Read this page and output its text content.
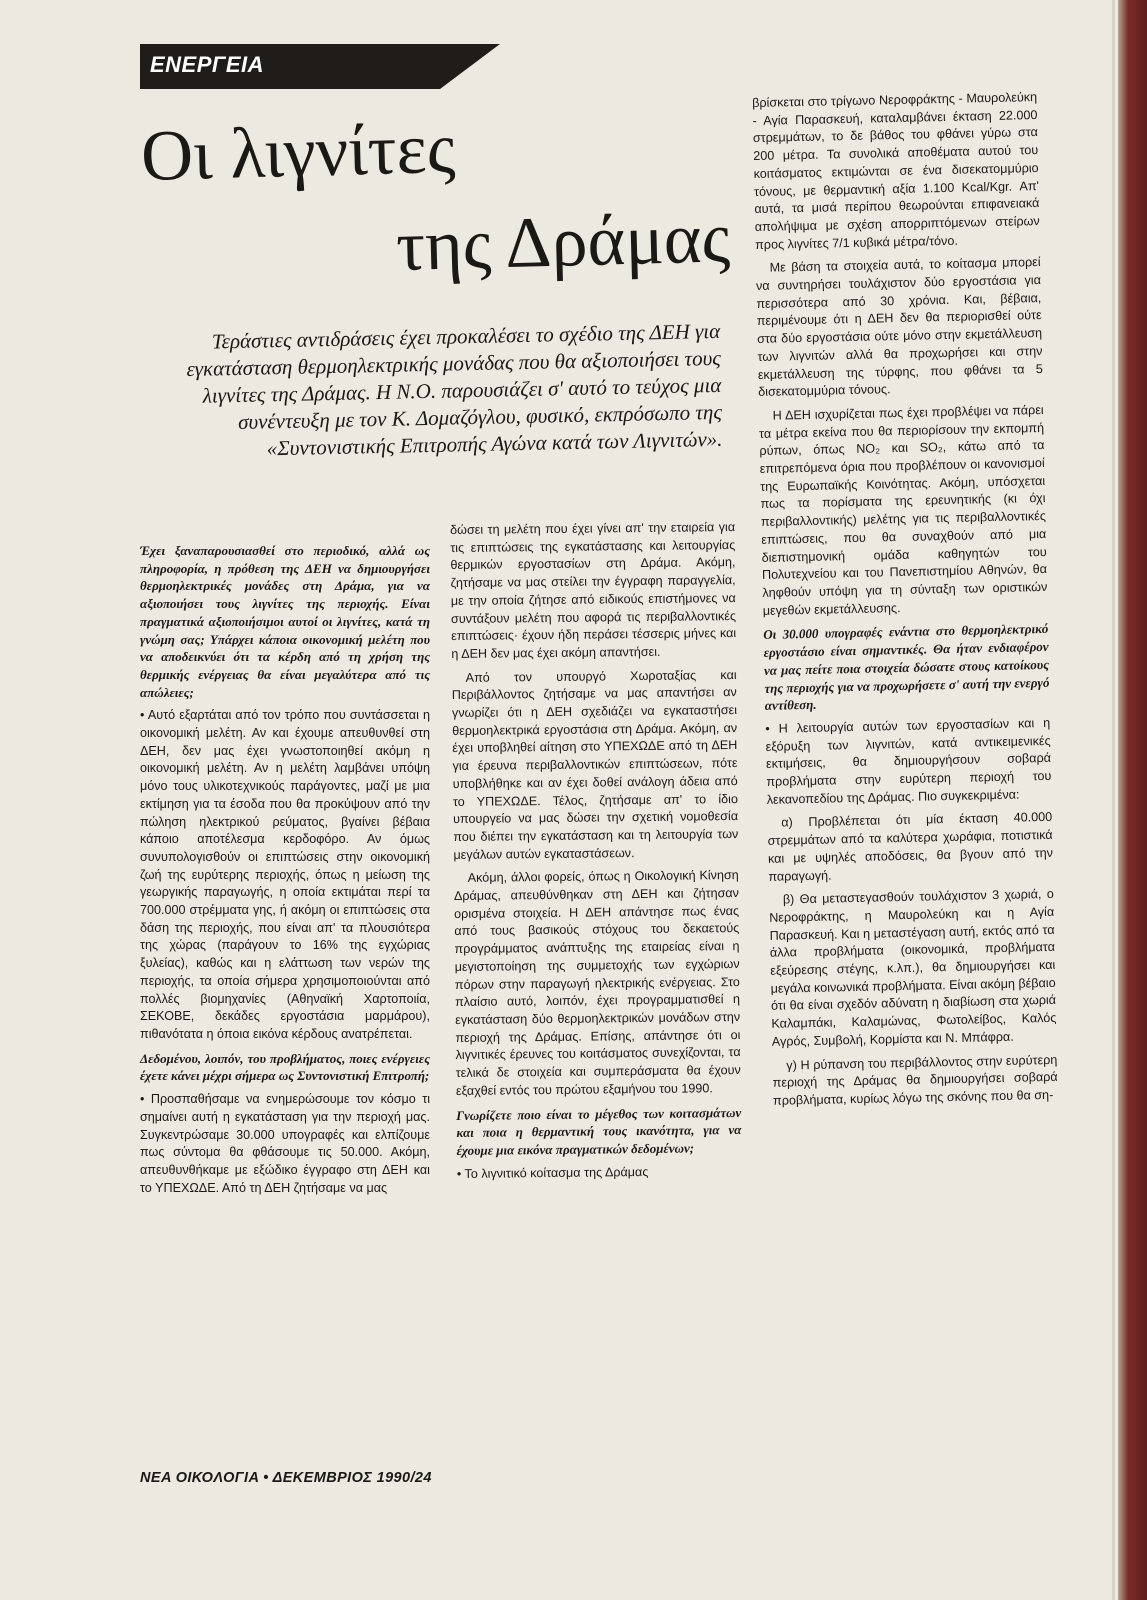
ΕΝΕΡΓΕΙΑ
Οι λιγνίτες
της Δράμας
Τεράστιες αντιδράσεις έχει προκαλέσει το σχέδιο της ΔΕΗ για εγκατάσταση θερμοηλεκτρικής μονάδας που θα αξιοποιήσει τους λιγνίτες της Δράμας. Η Ν.Ο. παρουσιάζει σ' αυτό το τεύχος μια συνέντευξη με τον Κ. Δομαζόγλου, φυσικό, εκπρόσωπο της «Συντονιστικής Επιτροπής Αγώνα κατά των Λιγνιτών».

Έχει ξαναπαρουσιασθεί στο περιοδικό, αλλά ως πληροφορία, η πρόθεση της ΔΕΗ να δημιουργήσει θερμοηλεκτρικές μονάδες στη Δράμα, για να αξιοποιήσει τους λιγνίτες της περιοχής. Είναι πραγματικά αξιοποιήσιμοι αυτοί οι λιγνίτες, κατά τη γνώμη σας; Υπάρχει κάποια οικονομική μελέτη που να αποδεικνύει ότι τα κέρδη από τη χρήση της θερμικής ενέργειας θα είναι μεγαλύτερα από τις απώλειες;

• Αυτό εξαρτάται από τον τρόπο που συντάσσεται η οικονομική μελέτη. Αν και έχουμε απευθυνθεί στη ΔΕΗ, δεν μας έχει γνωστοποιηθεί ακόμη η οικονομική μελέτη. Αν η μελέτη λαμβάνει υπόψη μόνο τους υλικοτεχνικούς παράγοντες, μαζί με μια εκτίμηση για τα έσοδα που θα προκύψουν από την πώληση ηλεκτρικού ρεύματος, βγαίνει βέβαια κάποιο αποτέλεσμα κερδοφόρο. Αν όμως συνυπολογισθούν οι επιπτώσεις στην οικονομική ζωή της ευρύτερης περιοχής, όπως η μείωση της γεωργικής παραγωγής, η οποία εκτιμάται περί τα 700.000 στρέμματα γης, ή ακόμη οι επιπτώσεις στα δάση της περιοχής, που είναι απ' τα πλουσιότερα της χώρας (παράγουν το 16% της εγχώριας ξυλείας), καθώς και η ελάττωση των νερών της περιοχής, τα οποία σήμερα χρησιμοποιούνται από πολλές βιομηχανίες (Αθηναϊκή Χαρτοποιία, ΣΕΚΟΒΕ, δεκάδες εργοστάσια μαρμάρου), πιθανότατα η όποια εικόνα κέρδους ανατρέπεται.

Δεδομένου, λοιπόν, του προβλήματος, ποιες ενέργειες έχετε κάνει μέχρι σήμερα ως Συντονιστική Επιτροπή;

• Προσπαθήσαμε να ενημερώσουμε τον κόσμο τι σημαίνει αυτή η εγκατάσταση για την περιοχή μας. Συγκεντρώσαμε 30.000 υπογραφές και ελπίζουμε πως σύντομα θα φθάσουμε τις 50.000. Ακόμη, απευθυνθήκαμε με εξώδικο έγγραφο στη ΔΕΗ και το ΥΠΕΧΩΔΕ. Από τη ΔΕΗ ζητήσαμε να μας

δώσει τη μελέτη που έχει γίνει απ' την εταιρεία για τις επιπτώσεις της εγκατάστασης και λειτουργίας θερμικών εργοστασίων στη Δράμα. Ακόμη, ζητήσαμε να μας στείλει την έγγραφη παραγγελία, με την οποία ζήτησε από ειδικούς επιστήμονες να συντάξουν μελέτη που αφορά τις περιβαλλοντικές επιπτώσεις· έχουν ήδη περάσει τέσσερις μήνες και η ΔΕΗ δεν μας έχει ακόμη απαντήσει.

Από τον υπουργό Χωροταξίας και Περιβάλλοντος ζητήσαμε να μας απαντήσει αν γνωρίζει ότι η ΔΕΗ σχεδιάζει να εγκαταστήσει θερμοηλεκτρικά εργοστάσια στη Δράμα. Ακόμη, αν έχει υποβληθεί αίτηση στο ΥΠΕΧΩΔΕ από τη ΔΕΗ για έρευνα περιβαλλοντικών επιπτώσεων, πότε υποβλήθηκε και αν έχει δοθεί ανάλογη άδεια από το ΥΠΕΧΩΔΕ. Τέλος, ζητήσαμε απ' το ίδιο υπουργείο να μας δώσει την σχετική νομοθεσία που διέπει την εγκατάσταση και τη λειτουργία των μεγάλων αυτών εγκαταστάσεων.

Ακόμη, άλλοι φορείς, όπως η Οικολογική Κίνηση Δράμας, απευθύνθηκαν στη ΔΕΗ και ζήτησαν ορισμένα στοιχεία. Η ΔΕΗ απάντησε πως ένας από τους βασικούς στόχους του δεκαετούς προγράμματος ανάπτυξης της εταιρείας είναι η μεγιστοποίηση της συμμετοχής των εγχώριων πόρων στην παραγωγή ηλεκτρικής ενέργειας. Στο πλαίσιο αυτό, λοιπόν, έχει προγραμματισθεί η εγκατάσταση δύο θερμοηλεκτρικών μονάδων στην περιοχή της Δράμας. Επίσης, απάντησε ότι οι λιγνιτικές έρευνες του κοιτάσματος συνεχίζονται, τα τελικά δε στοιχεία και συμπεράσματα θα έχουν εξαχθεί εντός του πρώτου εξαμήνου του 1990.

Γνωρίζετε ποιο είναι το μέγεθος των κοιτασμάτων και ποια η θερμαντική τους ικανότητα, για να έχουμε μια εικόνα πραγματικών δεδομένων;

• Το λιγνιτικό κοίτασμα της Δράμας

βρίσκεται στο τρίγωνο Νεροφράκτης - Μαυρολεύκη - Αγία Παρασκευή, καταλαμβάνει έκταση 22.000 στρεμμάτων, το δε βάθος του φθάνει γύρω στα 200 μέτρα. Τα συνολικά αποθέματα αυτού του κοιτάσματος εκτιμώνται σε ένα δισεκατομμύριο τόνους, με θερμαντική αξία 1.100 Kcal/Kgr. Απ' αυτά, τα μισά περίπου θεωρούνται επιφανειακά απολήψιμα με σχέση απορριπτόμενων στείρων προς λιγνίτες 7/1 κυβικά μέτρα/τόνο.

Με βάση τα στοιχεία αυτά, το κοίτασμα μπορεί να συντηρήσει τουλάχιστον δύο εργοστάσια για περισσότερα από 30 χρόνια. Και, βέβαια, περιμένουμε ότι η ΔΕΗ δεν θα περιορισθεί ούτε στα δύο εργοστάσια ούτε μόνο στην εκμετάλλευση των λιγνιτών αλλά θα προχωρήσει και στην εκμετάλλευση της τύρφης, που φθάνει τα 5 δισεκατομμύρια τόνους.

Η ΔΕΗ ισχυρίζεται πως έχει προβλέψει να πάρει τα μέτρα εκείνα που θα περιορίσουν την εκπομπή ρύπων, όπως NO₂ και SO₂, κάτω από τα επιτρεπόμενα όρια που προβλέπουν οι κανονισμοί της Ευρωπαϊκής Κοινότητας. Ακόμη, υπόσχεται πως τα πορίσματα της ερευνητικής (κι όχι περιβαλλοντικής) μελέτης για τις περιβαλλοντικές επιπτώσεις, που θα συναχθούν από μια διεπιστημονική ομάδα καθηγητών του Πολυτεχνείου και του Πανεπιστημίου Αθηνών, θα ληφθούν υπόψη για τη σύνταξη των οριστικών μεγεθών εκμετάλλευσης.

Οι 30.000 υπογραφές ενάντια στο θερμοηλεκτρικό εργοστάσιο είναι σημαντικές. Θα ήταν ενδιαφέρον να μας πείτε ποια στοιχεία δώσατε στους κατοίκους της περιοχής για να προχωρήσετε σ' αυτή την ενεργό αντίθεση.

• Η λειτουργία αυτών των εργοστασίων και η εξόρυξη των λιγνιτών, κατά αντικειμενικές εκτιμήσεις, θα δημιουργήσουν σοβαρά προβλήματα στην ευρύτερη περιοχή του λεκανοπεδίου της Δράμας. Πιο συγκεκριμένα:

α) Προβλέπεται ότι μία έκταση 40.000 στρεμμάτων από τα καλύτερα χωράφια, ποτιστικά και με υψηλές αποδόσεις, θα βγουν από την παραγωγή.

β) Θα μεταστεγασθούν τουλάχιστον 3 χωριά, ο Νεροφράκτης, η Μαυρολεύκη και η Αγία Παρασκευή. Και η μεταστέγαση αυτή, εκτός από τα άλλα προβλήματα (οικονομικά, προβλήματα εξεύρεσης στέγης, κ.λπ.), θα δημιουργήσει και μεγάλα κοινωνικά προβλήματα. Είναι ακόμη βέβαιο ότι θα είναι σχεδόν αδύνατη η διαβίωση στα χωριά Καλαμπάκι, Καλαμώνας, Φωτολείβος, Καλός Αγρός, Συμβολή, Κορμίστα και Ν. Μπάφρα.

γ) Η ρύπανση του περιβάλλοντος στην ευρύτερη περιοχή της Δράμας θα δημιουργήσει σοβαρά προβλήματα, κυρίως λόγω της σκόνης που θα ση-

ΝΕΑ ΟΙΚΟΛΟΓΙΑ • ΔΕΚΕΜΒΡΙΟΣ 1990/24
